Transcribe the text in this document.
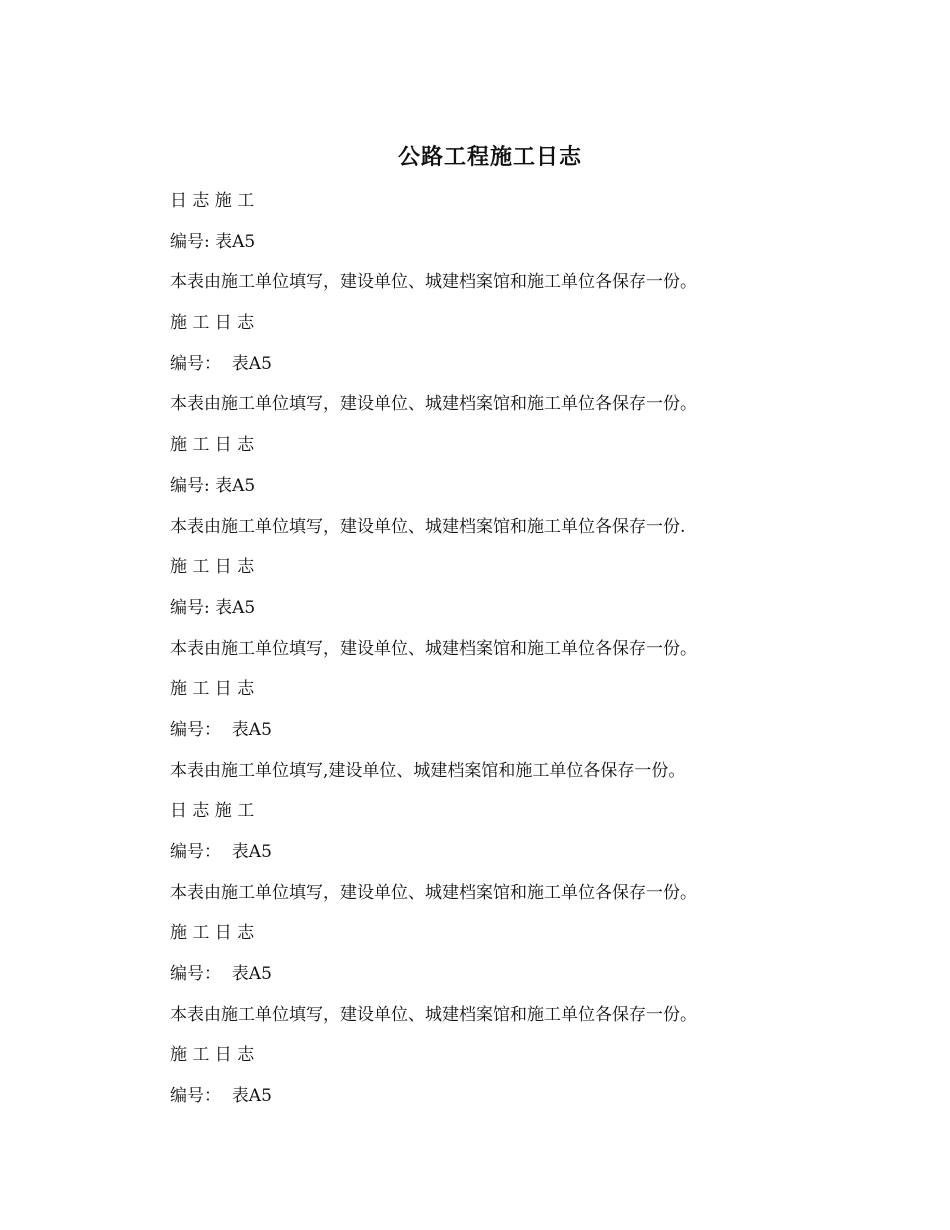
公路工程施工日志
日 志 施 工
编号: 表A5
本表由施工单位填写，建设单位、城建档案馆和施工单位各保存一份。
施 工 日 志
编号：  表A5
本表由施工单位填写，建设单位、城建档案馆和施工单位各保存一份。
施 工 日 志
编号: 表A5
本表由施工单位填写，建设单位、城建档案馆和施工单位各保存一份.
施 工 日 志
编号: 表A5
本表由施工单位填写，建设单位、城建档案馆和施工单位各保存一份。
施 工 日 志
编号：  表A5
本表由施工单位填写,建设单位、城建档案馆和施工单位各保存一份。
日 志 施 工
编号：  表A5
本表由施工单位填写，建设单位、城建档案馆和施工单位各保存一份。
施 工 日 志
编号：  表A5
本表由施工单位填写，建设单位、城建档案馆和施工单位各保存一份。
施 工 日 志
编号：  表A5
